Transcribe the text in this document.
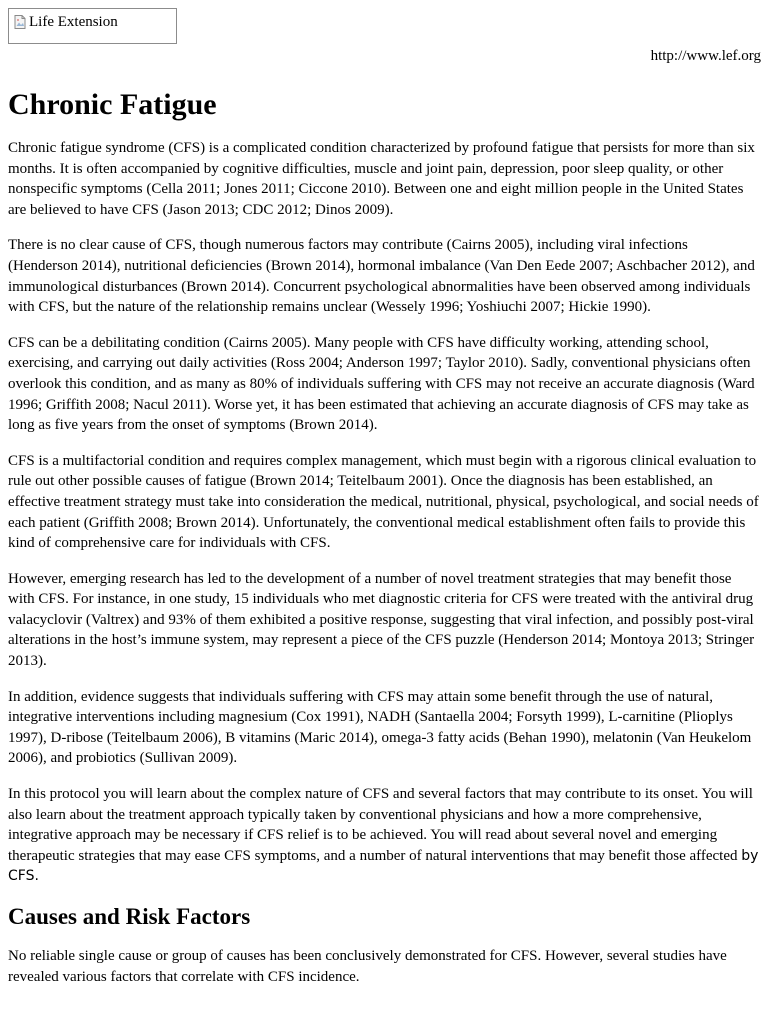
Life Extension
http://www.lef.org
Chronic Fatigue

Chronic fatigue syndrome (CFS) is a complicated condition characterized by profound fatigue that persists for more than six months. It is often accompanied by cognitive difficulties, muscle and joint pain, depression, poor sleep quality, or other nonspecific symptoms (Cella 2011; Jones 2011; Ciccone 2010). Between one and eight million people in the United States are believed to have CFS (Jason 2013; CDC 2012; Dinos 2009).

There is no clear cause of CFS, though numerous factors may contribute (Cairns 2005), including viral infections (Henderson 2014), nutritional deficiencies (Brown 2014), hormonal imbalance (Van Den Eede 2007; Aschbacher 2012), and immunological disturbances (Brown 2014). Concurrent psychological abnormalities have been observed among individuals with CFS, but the nature of the relationship remains unclear (Wessely 1996; Yoshiuchi 2007; Hickie 1990).

CFS can be a debilitating condition (Cairns 2005). Many people with CFS have difficulty working, attending school, exercising, and carrying out daily activities (Ross 2004; Anderson 1997; Taylor 2010). Sadly, conventional physicians often overlook this condition, and as many as 80% of individuals suffering with CFS may not receive an accurate diagnosis (Ward 1996; Griffith 2008; Nacul 2011). Worse yet, it has been estimated that achieving an accurate diagnosis of CFS may take as long as five years from the onset of symptoms (Brown 2014).

CFS is a multifactorial condition and requires complex management, which must begin with a rigorous clinical evaluation to rule out other possible causes of fatigue (Brown 2014; Teitelbaum 2001). Once the diagnosis has been established, an effective treatment strategy must take into consideration the medical, nutritional, physical, psychological, and social needs of each patient (Griffith 2008; Brown 2014). Unfortunately, the conventional medical establishment often fails to provide this kind of comprehensive care for individuals with CFS.

However, emerging research has led to the development of a number of novel treatment strategies that may benefit those with CFS. For instance, in one study, 15 individuals who met diagnostic criteria for CFS were treated with the antiviral drug valacyclovir (Valtrex) and 93% of them exhibited a positive response, suggesting that viral infection, and possibly post-viral alterations in the host’s immune system, may represent a piece of the CFS puzzle (Henderson 2014; Montoya 2013; Stringer 2013).

In addition, evidence suggests that individuals suffering with CFS may attain some benefit through the use of natural, integrative interventions including magnesium (Cox 1991), NADH (Santaella 2004; Forsyth 1999), L-carnitine (Plioplys 1997), D-ribose (Teitelbaum 2006), B vitamins (Maric 2014), omega-3 fatty acids (Behan 1990), melatonin (Van Heukelom 2006), and probiotics (Sullivan 2009).

In this protocol you will learn about the complex nature of CFS and several factors that may contribute to its onset. You will also learn about the treatment approach typically taken by conventional physicians and how a more comprehensive, integrative approach may be necessary if CFS relief is to be achieved. You will read about several novel and emerging therapeutic strategies that may ease CFS symptoms, and a number of natural interventions that may benefit those affected by CFS.

Causes and Risk Factors

No reliable single cause or group of causes has been conclusively demonstrated for CFS. However, several studies have revealed various factors that correlate with CFS incidence.
